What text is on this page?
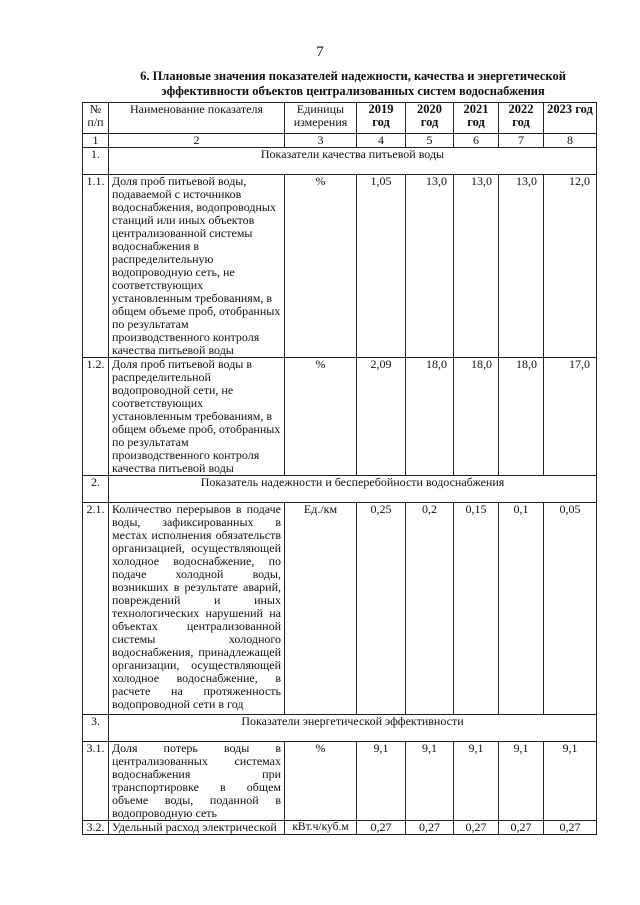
7
6. Плановые значения показателей надежности, качества и энергетической
эффективности объектов централизованных систем водоснабжения
№ п/п	Наименование показателя	Единицы измерения	2019 год	2020 год	2021 год	2022 год	2023 год
1	2	3	4	5	6	7	8
1.	Показатели качества питьевой воды						
1.1.	Доля проб питьевой воды, подаваемой с источников водоснабжения, водопроводных станций или иных объектов централизованной системы водоснабжения в распределительную водопроводную сеть, не соответствующих установленным требованиям, в общем объеме проб, отобранных по результатам производственного контроля качества питьевой воды	%	1,05	13,0	13,0	13,0	12,0
1.2.	Доля проб питьевой воды в распределительной водопроводной сети, не соответствующих установленным требованиям, в общем объеме проб, отобранных по результатам производственного контроля качества питьевой воды	%	2,09	18,0	18,0	18,0	17,0
2.	Показатель надежности и бесперебойности водоснабжения						
2.1.	Количество перерывов в подаче воды, зафиксированных в местах исполнения обязательств организацией, осуществляющей холодное водоснабжение, по подаче холодной воды, возникших в результате аварий, повреждений и иных технологических нарушений на объектах централизованной системы холодного водоснабжения, принадлежащей организации, осуществляющей холодное водоснабжение, в расчете на протяженность водопроводной сети в год	Ед./км	0,25	0,2	0,15	0,1	0,05
3.	Показатели энергетической эффективности						
3.1.	Доля потерь воды в централизованных системах водоснабжения при транспортировке в общем объеме воды, поданной в водопроводную сеть	%	9,1	9,1	9,1	9,1	9,1
3.2.	Удельный расход электрической	кВт.ч/куб.м	0,27	0,27	0,27	0,27	0,27
